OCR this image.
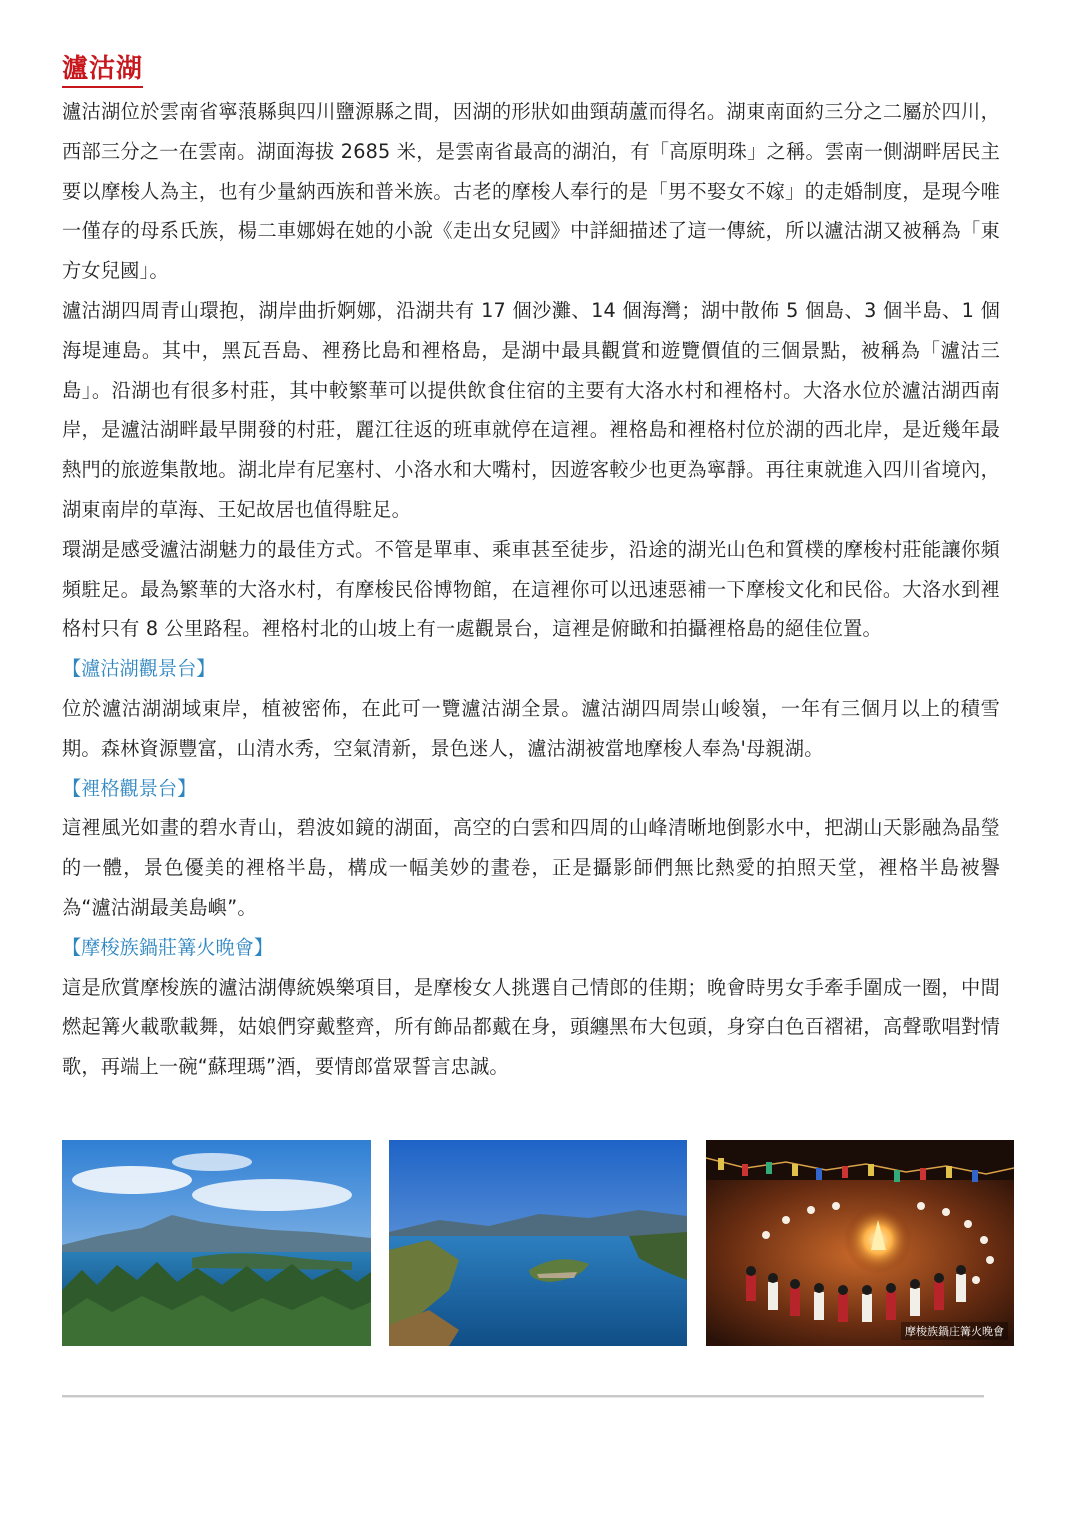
瀘沽湖

瀘沽湖位於雲南省寧蒗縣與四川鹽源縣之間，因湖的形狀如曲頸葫蘆而得名。湖東南面約三分之二屬於四川，西部三分之一在雲南。湖面海拔 2685 米，是雲南省最高的湖泊，有「高原明珠」之稱。雲南一側湖畔居民主要以摩梭人為主，也有少量納西族和普米族。古老的摩梭人奉行的是「男不娶女不嫁」的走婚制度，是現今唯一僅存的母系氏族，楊二車娜姆在她的小說《走出女兒國》中詳細描述了這一傳統，所以瀘沽湖又被稱為「東方女兒國」。

瀘沽湖四周青山環抱，湖岸曲折婀娜，沿湖共有 17 個沙灘、14 個海灣；湖中散佈 5 個島、3 個半島、1 個海堤連島。其中，黑瓦吾島、裡務比島和裡格島，是湖中最具觀賞和遊覽價值的三個景點，被稱為「瀘沽三島」。沿湖也有很多村莊，其中較繁華可以提供飲食住宿的主要有大洛水村和裡格村。大洛水位於瀘沽湖西南岸，是瀘沽湖畔最早開發的村莊，麗江往返的班車就停在這裡。裡格島和裡格村位於湖的西北岸，是近幾年最熱門的旅遊集散地。湖北岸有尼塞村、小洛水和大嘴村，因遊客較少也更為寧靜。再往東就進入四川省境內，湖東南岸的草海、王妃故居也值得駐足。

環湖是感受瀘沽湖魅力的最佳方式。不管是單車、乘車甚至徒步，沿途的湖光山色和質樸的摩梭村莊能讓你頻頻駐足。最為繁華的大洛水村，有摩梭民俗博物館，在這裡你可以迅速惡補一下摩梭文化和民俗。大洛水到裡格村只有 8 公里路程。裡格村北的山坡上有一處觀景台，這裡是俯瞰和拍攝裡格島的絕佳位置。

【瀘沽湖觀景台】

位於瀘沽湖湖域東岸，植被密佈，在此可一覽瀘沽湖全景。瀘沽湖四周崇山峻嶺，一年有三個月以上的積雪期。森林資源豐富，山清水秀，空氣清新，景色迷人，瀘沽湖被當地摩梭人奉為'母親湖。

【裡格觀景台】

這裡風光如畫的碧水青山，碧波如鏡的湖面，高空的白雲和四周的山峰清晰地倒影水中，把湖山天影融為晶瑩的一體，景色優美的裡格半島，構成一幅美妙的畫卷，正是攝影師們無比熱愛的拍照天堂，裡格半島被譽為“瀘沽湖最美島嶼”。

【摩梭族鍋莊篝火晚會】

這是欣賞摩梭族的瀘沽湖傳統娛樂項目，是摩梭女人挑選自己情郎的佳期；晚會時男女手牽手圍成一圈，中間燃起篝火載歌載舞，姑娘們穿戴整齊，所有飾品都戴在身，頭纏黑布大包頭，身穿白色百褶裙，高聲歌唱對情歌，再端上一碗“蘇理瑪”酒，要情郎當眾誓言忠誠。

摩梭族鍋庄篝火晚會
